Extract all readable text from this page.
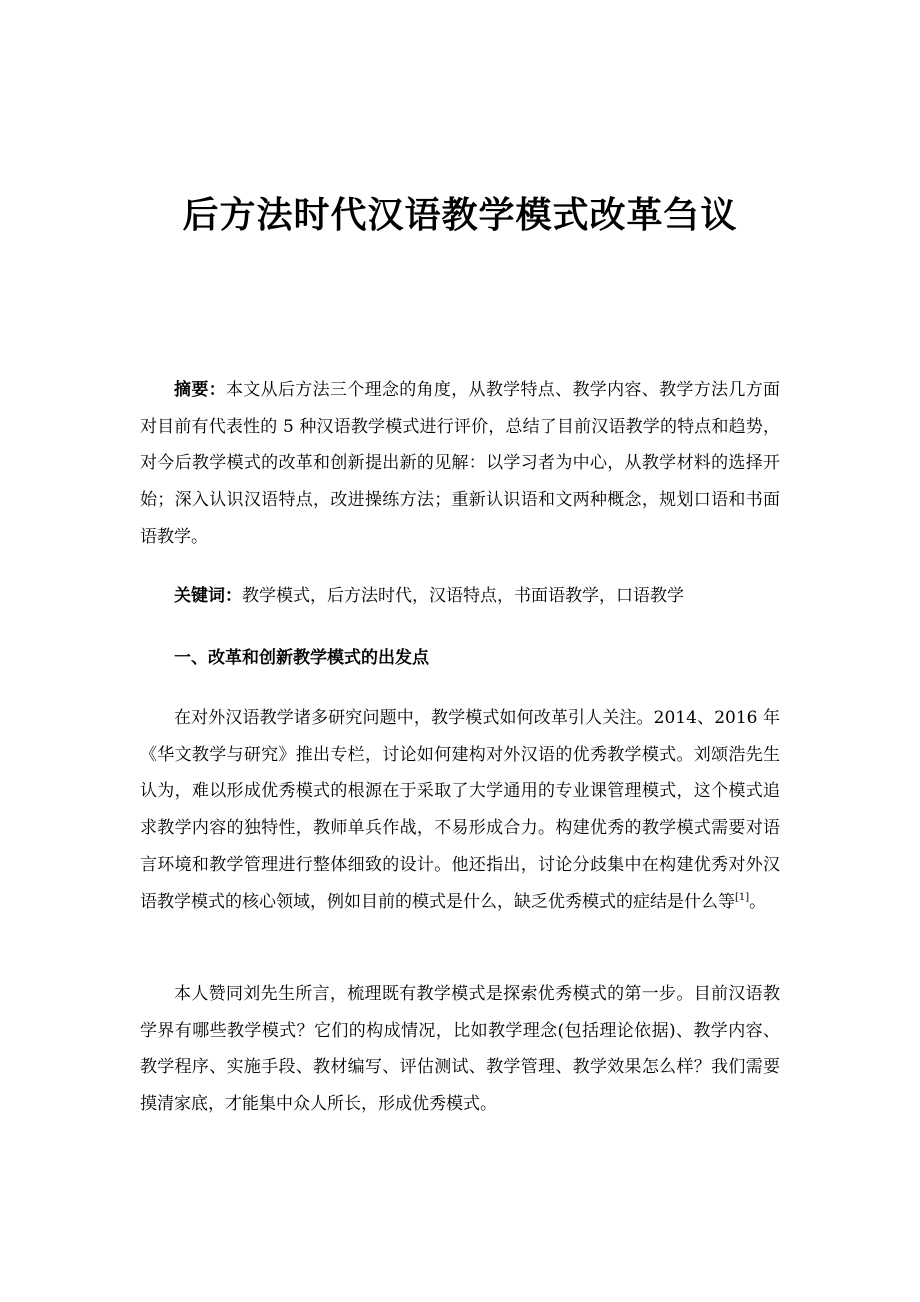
后方法时代汉语教学模式改革刍议

摘要：本文从后方法三个理念的角度，从教学特点、教学内容、教学方法几方面对目前有代表性的 5 种汉语教学模式进行评价，总结了目前汉语教学的特点和趋势，对今后教学模式的改革和创新提出新的见解：以学习者为中心，从教学材料的选择开始；深入认识汉语特点，改进操练方法；重新认识语和文两种概念，规划口语和书面语教学。

关键词：教学模式，后方法时代，汉语特点，书面语教学，口语教学

一、改革和创新教学模式的出发点

在对外汉语教学诸多研究问题中，教学模式如何改革引人关注。2014、2016 年《华文教学与研究》推出专栏，讨论如何建构对外汉语的优秀教学模式。刘颂浩先生认为，难以形成优秀模式的根源在于采取了大学通用的专业课管理模式，这个模式追求教学内容的独特性，教师单兵作战，不易形成合力。构建优秀的教学模式需要对语言环境和教学管理进行整体细致的设计。他还指出，讨论分歧集中在构建优秀对外汉语教学模式的核心领域，例如目前的模式是什么，缺乏优秀模式的症结是什么等[1]。

本人赞同刘先生所言，梳理既有教学模式是探索优秀模式的第一步。目前汉语教学界有哪些教学模式？它们的构成情况，比如教学理念(包括理论依据)、教学内容、教学程序、实施手段、教材编写、评估测试、教学管理、教学效果怎么样？我们需要摸清家底，才能集中众人所长，形成优秀模式。
